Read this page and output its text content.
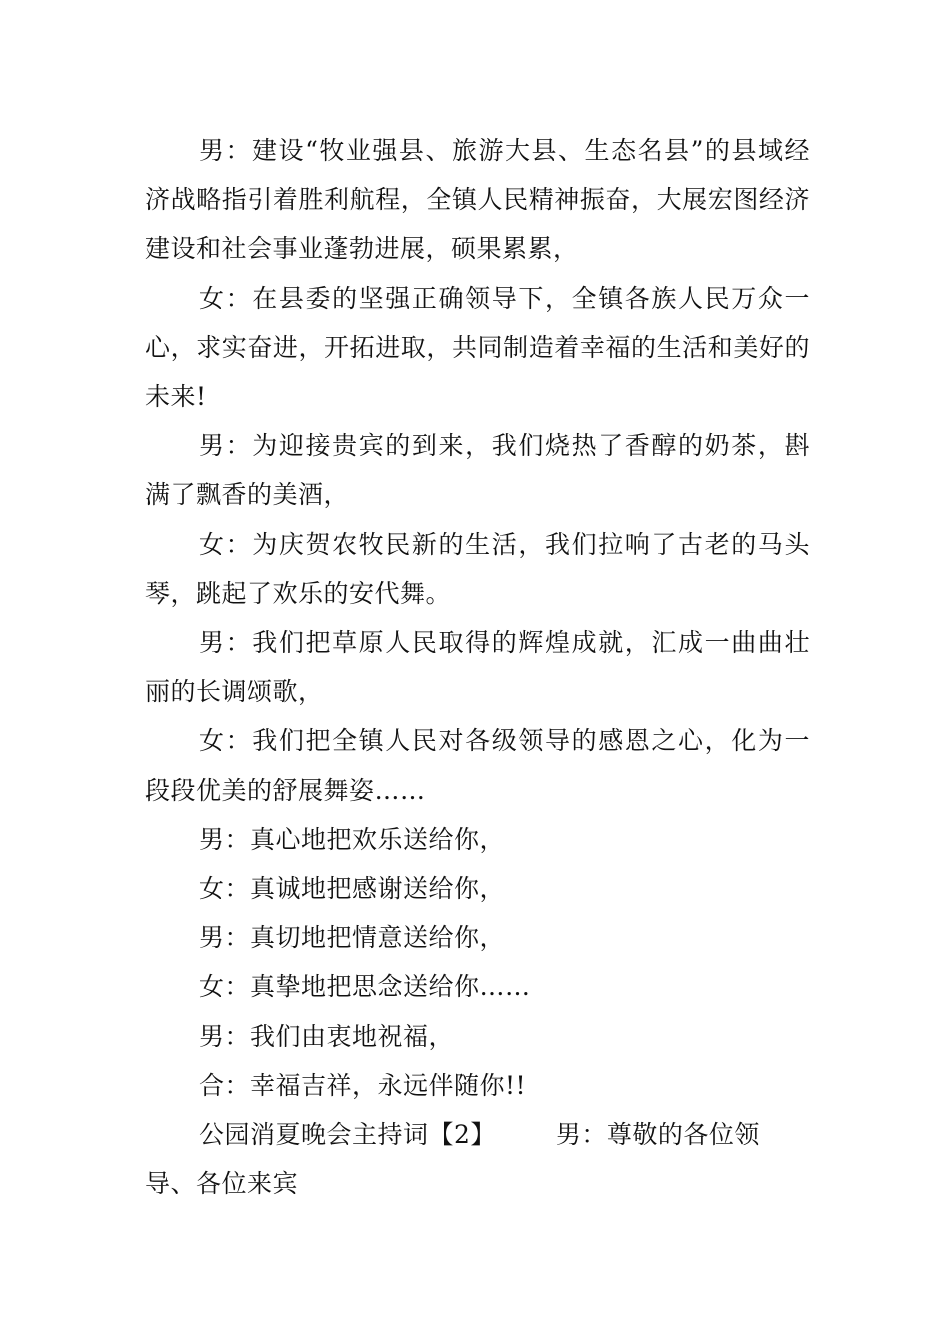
男：建设“牧业强县、旅游大县、生态名县”的县域经济战略指引着胜利航程，全镇人民精神振奋，大展宏图经济建设和社会事业蓬勃进展，硕果累累，

女：在县委的坚强正确领导下，全镇各族人民万众一心，求实奋进，开拓进取，共同制造着幸福的生活和美好的未来!

男：为迎接贵宾的到来，我们烧热了香醇的奶茶，斟满了飘香的美酒，

女：为庆贺农牧民新的生活，我们拉响了古老的马头琴，跳起了欢乐的安代舞。

男：我们把草原人民取得的辉煌成就，汇成一曲曲壮丽的长调颂歌，

女：我们把全镇人民对各级领导的感恩之心，化为一段段优美的舒展舞姿……

男：真心地把欢乐送给你，

女：真诚地把感谢送给你，

男：真切地把情意送给你，

女：真挚地把思念送给你……

男：我们由衷地祝福，

合：幸福吉祥，永远伴随你!!

公园消夏晚会主持词【2】 男：尊敬的各位领导、各位来宾
